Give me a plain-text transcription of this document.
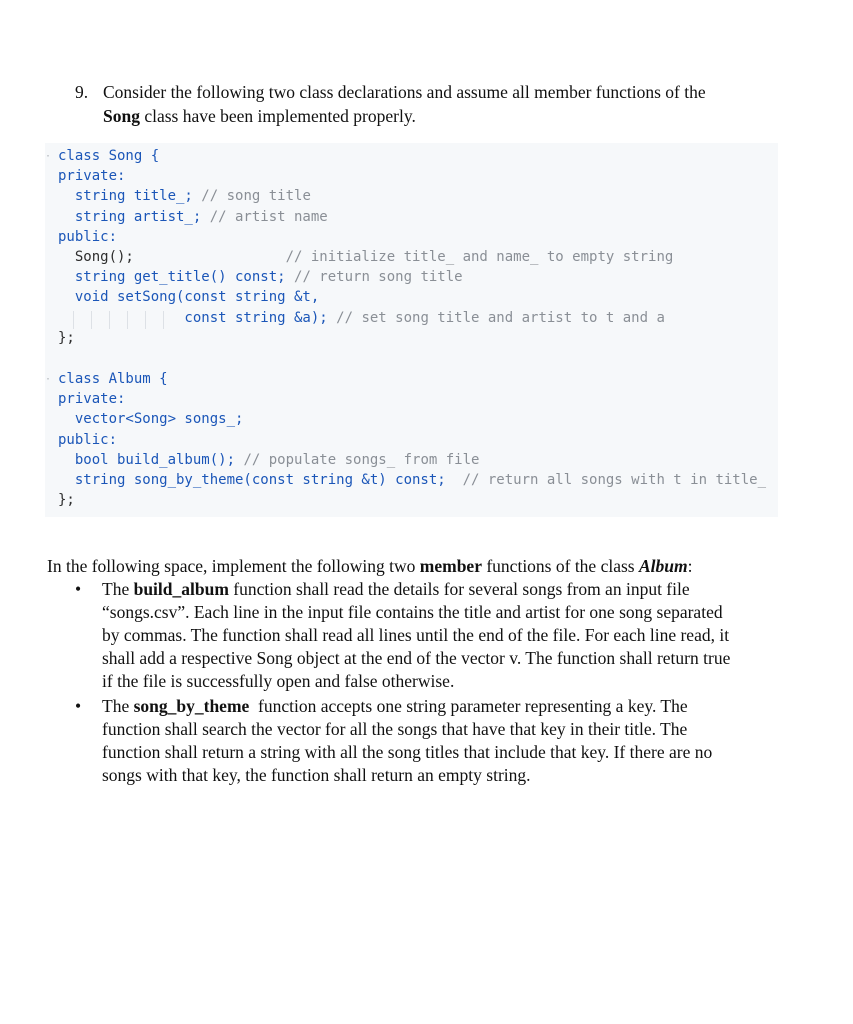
9. Consider the following two class declarations and assume all member functions of the
Song class have been implemented properly.
·
·
class Song {
private:
string title_; // song title
string artist_; // artist name
public:
Song();                  // initialize title_ and name_ to empty string
string get_title() const; // return song title
void setSong(const string &t,
const string &a); // set song title and artist to t and a
};
class Album {
private:
vector<Song> songs_;
public:
bool build_album(); // populate songs_ from file
string song_by_theme(const string &t) const;  // return all songs with t in title_
};
In the following space, implement the following two member functions of the class Album:
• The build_album function shall read the details for several songs from an input file
“songs.csv”. Each line in the input file contains the title and artist for one song separated
by commas. The function shall read all lines until the end of the file. For each line read, it
shall add a respective Song object at the end of the vector v. The function shall return true
if the file is successfully open and false otherwise.
• The song_by_theme  function accepts one string parameter representing a key. The
function shall search the vector for all the songs that have that key in their title. The
function shall return a string with all the song titles that include that key. If there are no
songs with that key, the function shall return an empty string.
